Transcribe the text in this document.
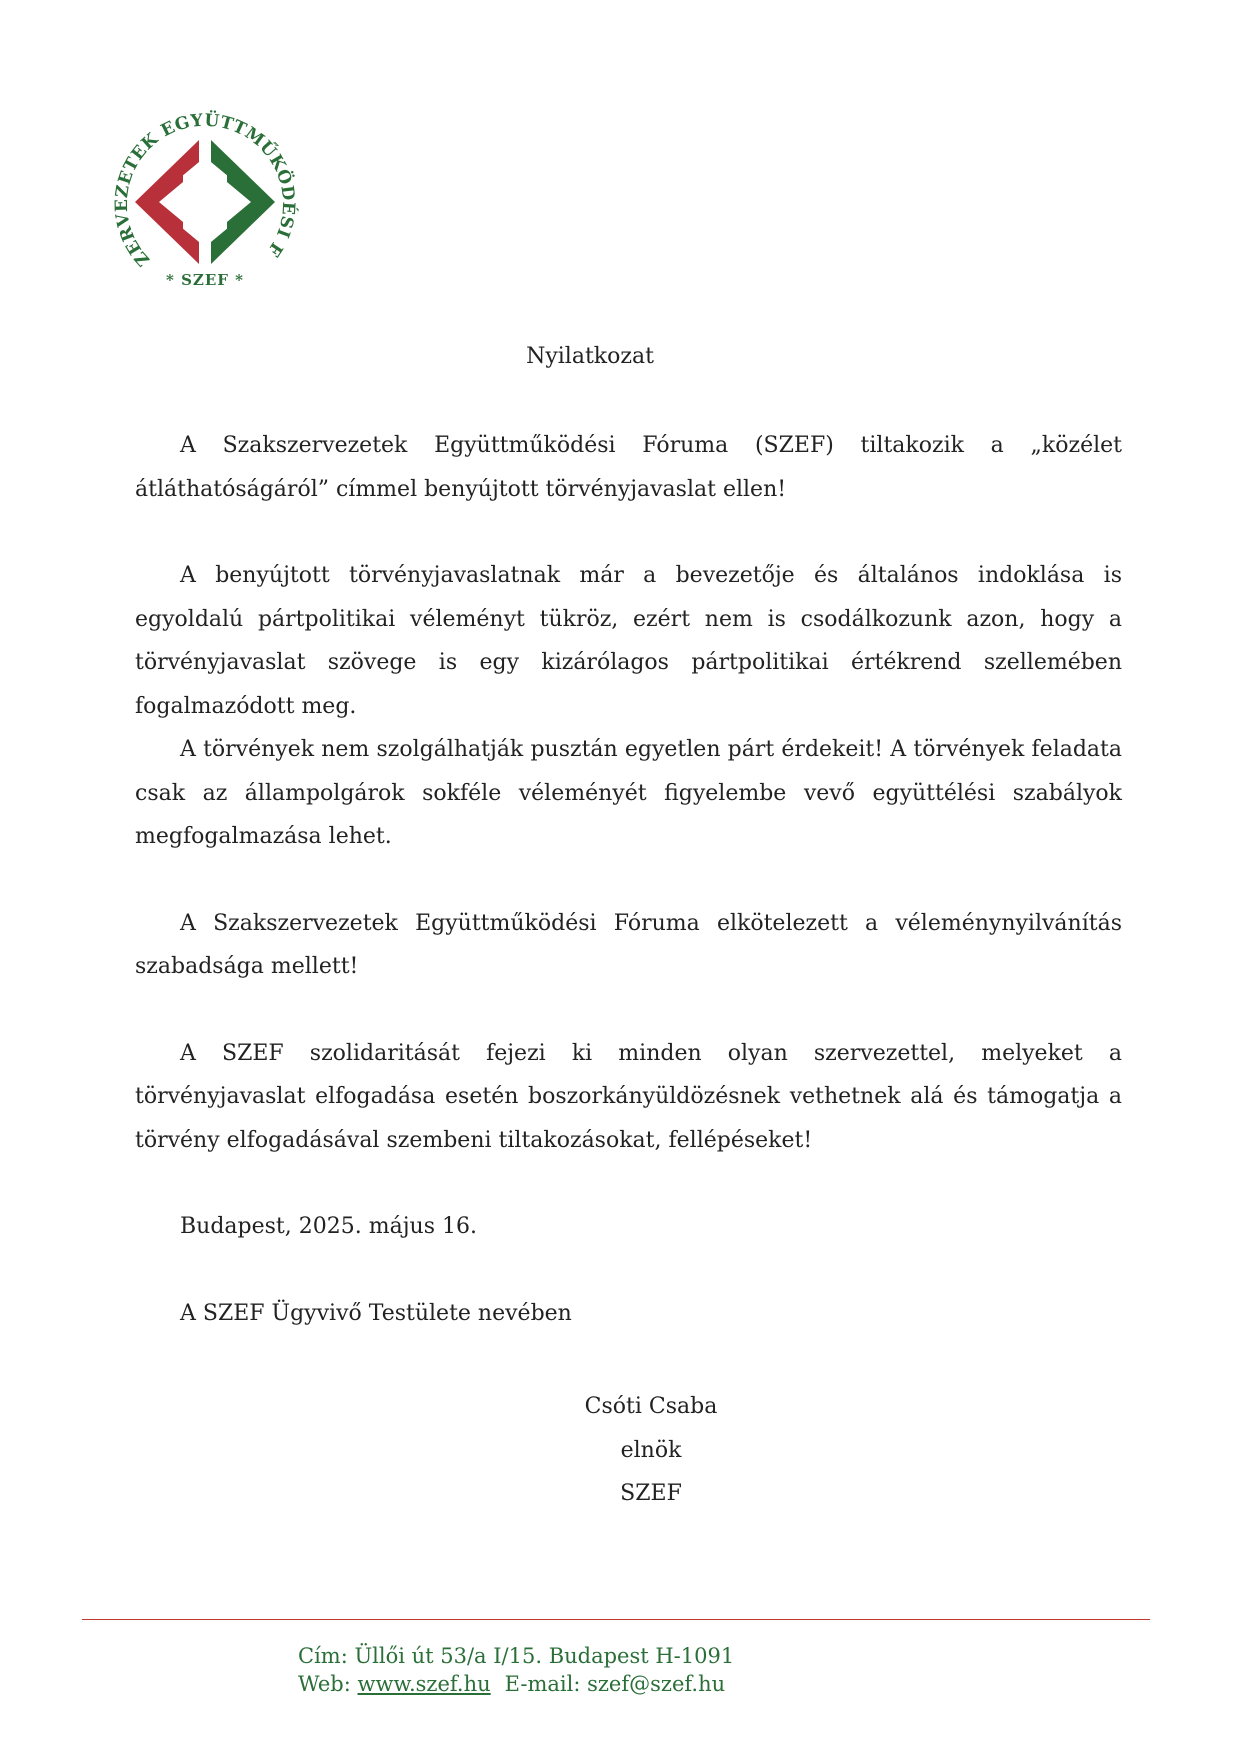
ZERVEZETEK EGYÜTTMŰKÖDÉSI F
* SZEF *
Nyilatkozat

A Szakszervezetek Együttműködési Fóruma (SZEF) tiltakozik a „közélet átláthatóságáról” címmel benyújtott törvényjavaslat ellen!

A benyújtott törvényjavaslatnak már a bevezetője és általános indoklása is egyoldalú pártpolitikai véleményt tükröz, ezért nem is csodálkozunk azon, hogy a törvényjavaslat szövege is egy kizárólagos pártpolitikai értékrend szellemében fogalmazódott meg.

A törvények nem szolgálhatják pusztán egyetlen párt érdekeit! A törvények feladata csak az állampolgárok sokféle véleményét figyelembe vevő együttélési szabályok megfogalmazása lehet.

A Szakszervezetek Együttműködési Fóruma elkötelezett a véleménynyilvánítás szabadsága mellett!

A SZEF szolidaritását fejezi ki minden olyan szervezettel, melyeket a törvényjavaslat elfogadása esetén boszorkányüldözésnek vethetnek alá és támogatja a törvény elfogadásával szembeni tiltakozásokat, fellépéseket!

Budapest, 2025. május 16.
A SZEF Ügyvivő Testülete nevében
Csóti Csaba
elnök
SZEF
Cím: Üllői út 53/a I/15. Budapest H-1091
Web: www.szef.hu E-mail: szef@szef.hu
